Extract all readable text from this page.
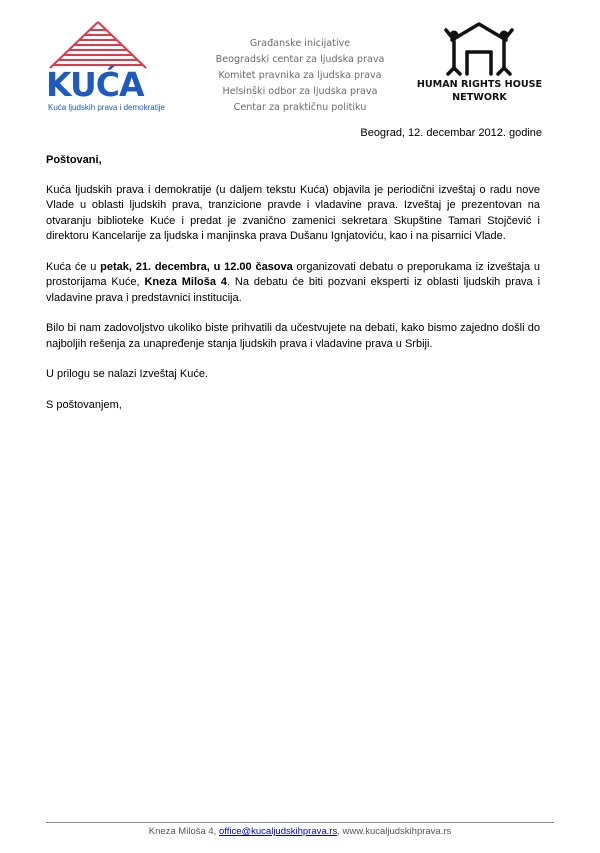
KUĆA
Kuća ljudskih prava i demokratije
Građanske inicijative
Beogradski centar za ljudska prava
Komitet pravnika za ljudska prava
Helsinški odbor za ljudska prava
Centar za praktičnu politiku
HUMAN RIGHTS HOUSE
NETWORK
Beograd, 12. decembar 2012. godine

Poštovani,

Kuća ljudskih prava i demokratije (u daljem tekstu Kuća) objavila je periodični izveštaj o radu nove Vlade u oblasti ljudskih prava, tranzicione pravde i vladavine prava. Izveštaj je prezentovan na otvaranju biblioteke Kuće i predat je zvanično zamenici sekretara Skupštine Tamari Stojčević i direktoru Kancelarije za ljudska i manjinska prava Dušanu Ignjatoviću, kao i na pisarnici Vlade.

Kuća će u petak, 21. decembra, u 12.00 časova organizovati debatu o preporukama iz izveštaja u prostorijama Kuće, Kneza Miloša 4. Na debatu će biti pozvani eksperti iz oblasti ljudskih prava i vladavine prava i predstavnici institucija.

Bilo bi nam zadovoljstvo ukoliko biste prihvatili da učestvujete na debati, kako bismo zajedno došli do najboljih rešenja za unapređenje stanja ljudskih prava i vladavine prava u Srbiji.

U prilogu se nalazi Izveštaj Kuće.

S poštovanjem,

Kneza Miloša 4, office@kucaljudskihprava.rs, www.kucaljudskihprava.rs
